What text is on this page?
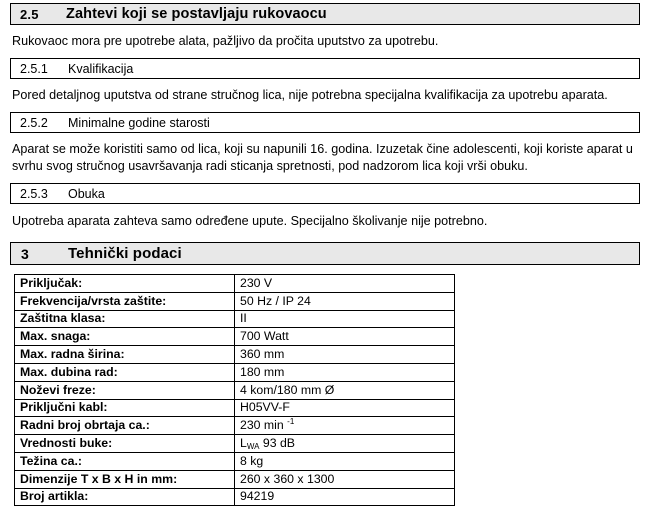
2.5	Zahtevi koji se postavljaju rukovaocu

Rukovaoc mora pre upotrebe alata, pažljivo da pročita uputstvo za upotrebu.

2.5.1	Kvalifikacija

Pored detaljnog uputstva od strane stručnog lica, nije potrebna specijalna kvalifikacija za upotrebu aparata.

2.5.2	Minimalne godine starosti

Aparat se može koristiti samo od lica, koji su napunili 16. godina. Izuzetak čine adolescenti, koji koriste aparat u svrhu svog stručnog usavršavanja radi sticanja spretnosti, pod nadzorom lica koji vrši obuku.

2.5.3	Obuka

Upotreba aparata zahteva samo određene upute. Specijalno školivanje nije potrebno.

3	Tehnički podaci
Priključak:	230 V
Frekvencija/vrsta zaštite:	50 Hz / IP 24
Zaštitna klasa:	II
Max. snaga:	700 Watt
Max. radna širina:	360 mm
Max. dubina rad:	180 mm
Noževi freze:	4 kom/180 mm Ø
Priključni kabl:	H05VV-F
Radni broj obrtaja ca.:	230 min $^{-1}$
Vrednosti buke:	$L_{WA}$ 93 dB
Težina ca.:	8 kg
Dimenzije T x B x H in mm:	260 x 360 x 1300
Broj artikla:	94219
